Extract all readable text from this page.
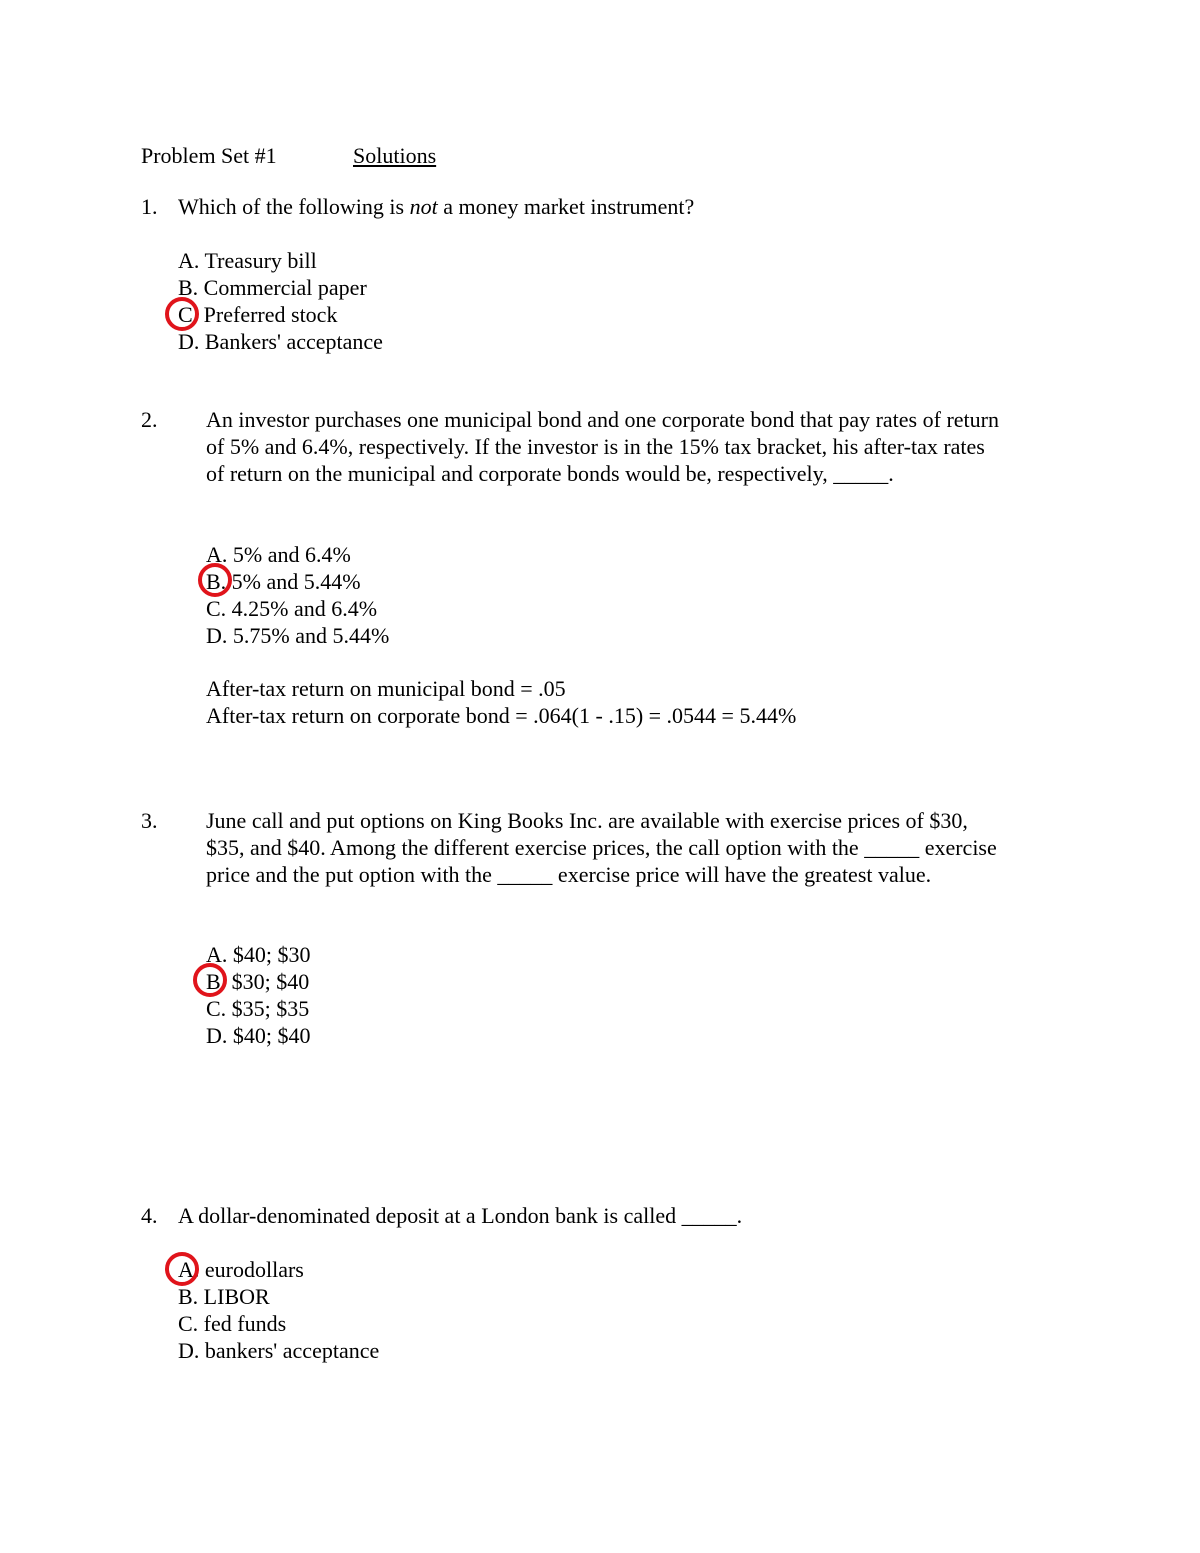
Problem Set #1	Solutions
1. Which of the following is not a money market instrument?
A. Treasury bill
B. Commercial paper
C. Preferred stock
D. Bankers' acceptance
2. An investor purchases one municipal bond and one corporate bond that pay rates of return
of 5% and 6.4%, respectively. If the investor is in the 15% tax bracket, his after-tax rates
of return on the municipal and corporate bonds would be, respectively, _____.
A. 5% and 6.4%
B. 5% and 5.44%
C. 4.25% and 6.4%
D. 5.75% and 5.44%
After-tax return on municipal bond = .05
After-tax return on corporate bond = .064(1 - .15) = .0544 = 5.44%
3. June call and put options on King Books Inc. are available with exercise prices of $30,
$35, and $40. Among the different exercise prices, the call option with the _____ exercise
price and the put option with the _____ exercise price will have the greatest value.
A. $40; $30
B. $30; $40
C. $35; $35
D. $40; $40
4. A dollar-denominated deposit at a London bank is called _____.
A. eurodollars
B. LIBOR
C. fed funds
D. bankers' acceptance
